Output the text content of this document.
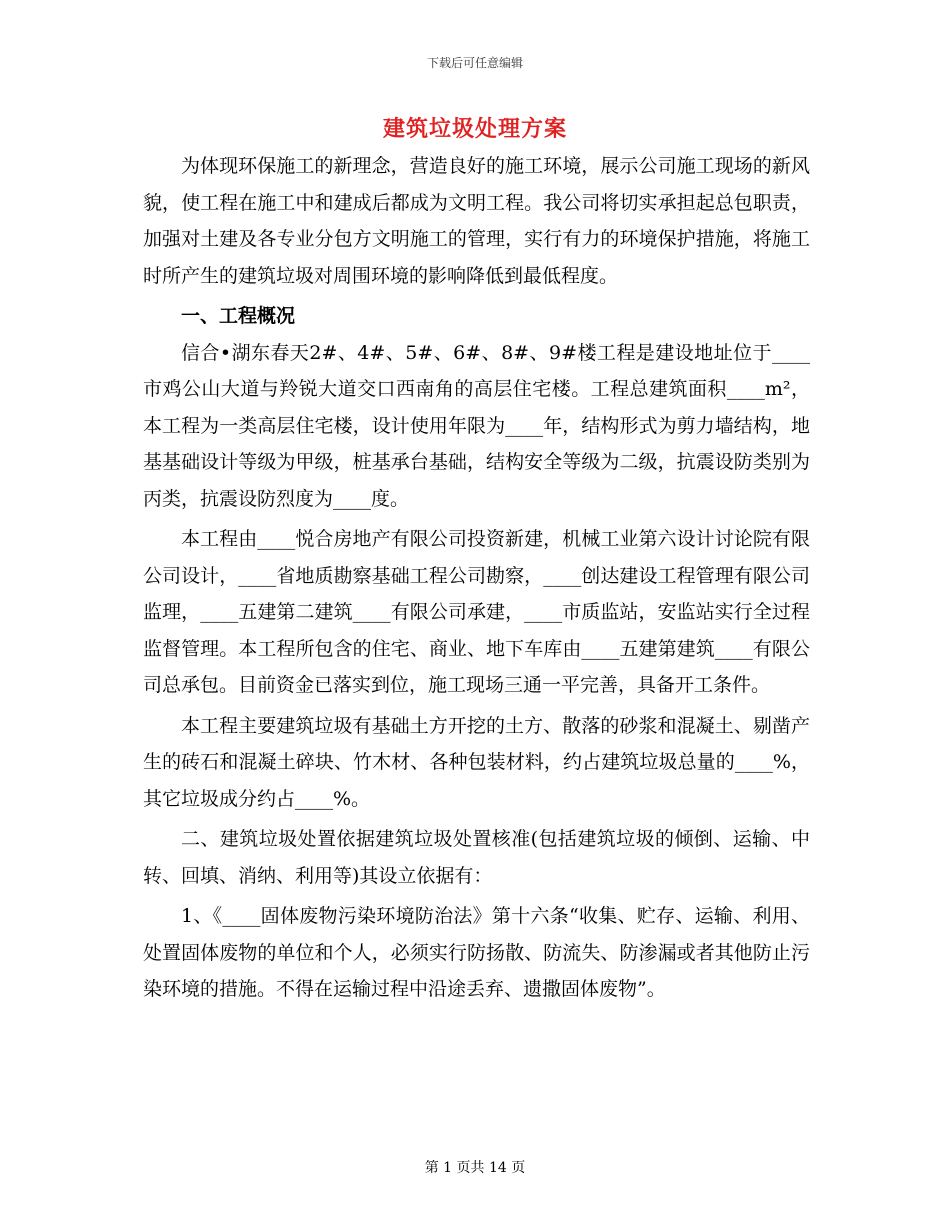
下载后可任意编辑
建筑垃圾处理方案

为体现环保施工的新理念，营造良好的施工环境，展示公司施工现场的新风貌，使工程在施工中和建成后都成为文明工程。我公司将切实承担起总包职责，加强对土建及各专业分包方文明施工的管理，实行有力的环境保护措施，将施工时所产生的建筑垃圾对周围环境的影响降低到最低程度。

一、工程概况

信合•湖东春天2#、4#、5#、6#、8#、9#楼工程是建设地址位于____市鸡公山大道与羚锐大道交口西南角的高层住宅楼。工程总建筑面积____m²，本工程为一类高层住宅楼，设计使用年限为____年，结构形式为剪力墙结构，地基基础设计等级为甲级，桩基承台基础，结构安全等级为二级，抗震设防类别为丙类，抗震设防烈度为____度。

本工程由____悦合房地产有限公司投资新建，机械工业第六设计讨论院有限公司设计，____省地质勘察基础工程公司勘察，____创达建设工程管理有限公司监理，____五建第二建筑____有限公司承建，____市质监站，安监站实行全过程监督管理。本工程所包含的住宅、商业、地下车库由____五建第建筑____有限公司总承包。目前资金已落实到位，施工现场三通一平完善，具备开工条件。

本工程主要建筑垃圾有基础土方开挖的土方、散落的砂浆和混凝土、剔凿产生的砖石和混凝土碎块、竹木材、各种包装材料，约占建筑垃圾总量的____%，其它垃圾成分约占____%。

二、建筑垃圾处置依据建筑垃圾处置核准(包括建筑垃圾的倾倒、运输、中转、回填、消纳、利用等)其设立依据有：

1、《____固体废物污染环境防治法》第十六条“收集、贮存、运输、利用、处置固体废物的单位和个人，必须实行防扬散、防流失、防渗漏或者其他防止污染环境的措施。不得在运输过程中沿途丢弃、遗撒固体废物”。

第 1 页共 14 页
